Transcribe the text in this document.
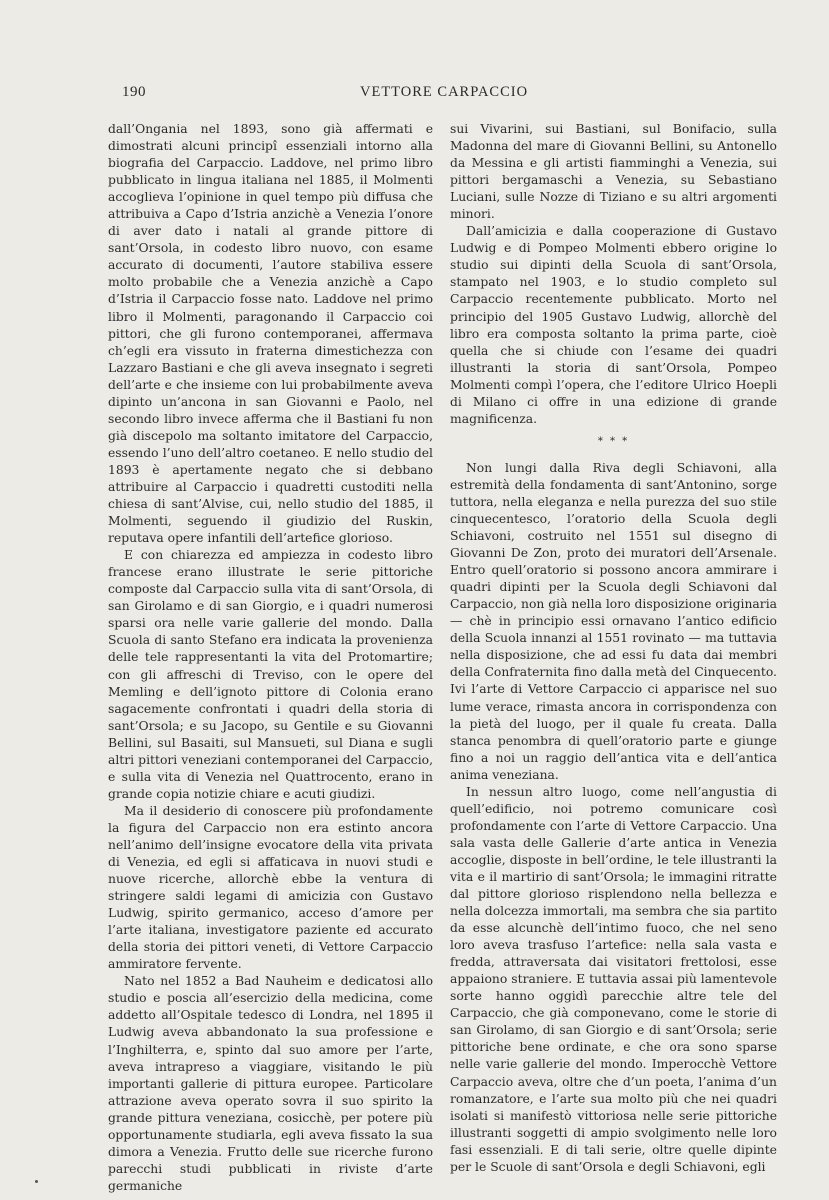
190	VETTORE CARPACCIO

dall’Ongania nel 1893, sono già affermati e dimostrati alcuni principî essenziali intorno alla biografia del Carpaccio. Laddove, nel primo libro pubblicato in lingua italiana nel 1885, il Molmenti accoglieva l’opinione in quel tempo più diffusa che attribuiva a Capo d’Istria anzichè a Venezia l’onore di aver dato i natali al grande pittore di sant’Orsola, in codesto libro nuovo, con esame accurato di documenti, l’autore stabiliva essere molto probabile che a Venezia anzichè a Capo d’Istria il Carpaccio fosse nato. Laddove nel primo libro il Molmenti, paragonando il Carpaccio coi pittori, che gli furono contemporanei, affermava ch’egli era vissuto in fraterna dimestichezza con Lazzaro Bastiani e che gli aveva insegnato i segreti dell’arte e che insieme con lui probabilmente aveva dipinto un’ancona in san Giovanni e Paolo, nel secondo libro invece afferma che il Bastiani fu non già discepolo ma soltanto imitatore del Carpaccio, essendo l’uno dell’altro coetaneo. E nello studio del 1893 è apertamente negato che si debbano attribuire al Carpaccio i quadretti custoditi nella chiesa di sant’Alvise, cui, nello studio del 1885, il Molmenti, seguendo il giudizio del Ruskin, reputava opere infantili dell’artefice glorioso.

E con chiarezza ed ampiezza in codesto libro francese erano illustrate le serie pittoriche composte dal Carpaccio sulla vita di sant’Orsola, di san Girolamo e di san Giorgio, e i quadri numerosi sparsi ora nelle varie gallerie del mondo. Dalla Scuola di santo Stefano era indicata la provenienza delle tele rappresentanti la vita del Protomartire; con gli affreschi di Treviso, con le opere del Memling e dell’ignoto pittore di Colonia erano sagacemente confrontati i quadri della storia di sant’Orsola; e su Jacopo, su Gentile e su Giovanni Bellini, sul Basaiti, sul Mansueti, sul Diana e sugli altri pittori veneziani contemporanei del Carpaccio, e sulla vita di Venezia nel Quattrocento, erano in grande copia notizie chiare e acuti giudizi.

Ma il desiderio di conoscere più profondamente la figura del Carpaccio non era estinto ancora nell’animo dell’insigne evocatore della vita privata di Venezia, ed egli si affaticava in nuovi studi e nuove ricerche, allorchè ebbe la ventura di stringere saldi legami di amicizia con Gustavo Ludwig, spirito germanico, acceso d’amore per l’arte italiana, investigatore paziente ed accurato della storia dei pittori veneti, di Vettore Carpaccio ammiratore fervente.

Nato nel 1852 a Bad Nauheim e dedicatosi allo studio e poscia all’esercizio della medicina, come addetto all’Ospitale tedesco di Londra, nel 1895 il Ludwig aveva abbandonato la sua professione e l’Inghilterra, e, spinto dal suo amore per l’arte, aveva intrapreso a viaggiare, visitando le più importanti gallerie di pittura europee. Particolare attrazione aveva operato sovra il suo spirito la grande pittura veneziana, cosicchè, per potere più opportunamente studiarla, egli aveva fissato la sua dimora a Venezia. Frutto delle sue ricerche furono parecchi studi pubblicati in riviste d’arte germaniche

sui Vivarini, sui Bastiani, sul Bonifacio, sulla Madonna del mare di Giovanni Bellini, su Antonello da Messina e gli artisti fiamminghi a Venezia, sui pittori bergamaschi a Venezia, su Sebastiano Luciani, sulle Nozze di Tiziano e su altri argomenti minori.

Dall’amicizia e dalla cooperazione di Gustavo Ludwig e di Pompeo Molmenti ebbero origine lo studio sui dipinti della Scuola di sant’Orsola, stampato nel 1903, e lo studio completo sul Carpaccio recentemente pubblicato. Morto nel principio del 1905 Gustavo Ludwig, allorchè del libro era composta soltanto la prima parte, cioè quella che si chiude con l’esame dei quadri illustranti la storia di sant’Orsola, Pompeo Molmenti compì l’opera, che l’editore Ulrico Hoepli di Milano ci offre in una edizione di grande magnificenza.

* * *

Non lungi dalla Riva degli Schiavoni, alla estremità della fondamenta di sant’Antonino, sorge tuttora, nella eleganza e nella purezza del suo stile cinquecentesco, l’oratorio della Scuola degli Schiavoni, costruito nel 1551 sul disegno di Giovanni De Zon, proto dei muratori dell’Arsenale. Entro quell’oratorio si possono ancora ammirare i quadri dipinti per la Scuola degli Schiavoni dal Carpaccio, non già nella loro disposizione originaria — chè in principio essi ornavano l’antico edificio della Scuola innanzi al 1551 rovinato — ma tuttavia nella disposizione, che ad essi fu data dai membri della Confraternita fino dalla metà del Cinquecento. Ivi l’arte di Vettore Carpaccio ci apparisce nel suo lume verace, rimasta ancora in corrispondenza con la pietà del luogo, per il quale fu creata. Dalla stanca penombra di quell’oratorio parte e giunge fino a noi un raggio dell’antica vita e dell’antica anima veneziana.

In nessun altro luogo, come nell’angustia di quell’edificio, noi potremo comunicare così profondamente con l’arte di Vettore Carpaccio. Una sala vasta delle Gallerie d’arte antica in Venezia accoglie, disposte in bell’ordine, le tele illustranti la vita e il martirio di sant’Orsola; le immagini ritratte dal pittore glorioso risplendono nella bellezza e nella dolcezza immortali, ma sembra che sia partito da esse alcunchè dell’intimo fuoco, che nel seno loro aveva trasfuso l’artefice: nella sala vasta e fredda, attraversata dai visitatori frettolosi, esse appaiono straniere. E tuttavia assai più lamentevole sorte hanno oggidì parecchie altre tele del Carpaccio, che già componevano, come le storie di san Girolamo, di san Giorgio e di sant’Orsola; serie pittoriche bene ordinate, e che ora sono sparse nelle varie gallerie del mondo. Imperocchè Vettore Carpaccio aveva, oltre che d’un poeta, l’anima d’un romanzatore, e l’arte sua molto più che nei quadri isolati si manifestò vittoriosa nelle serie pittoriche illustranti soggetti di ampio svolgimento nelle loro fasi essenziali. E di tali serie, oltre quelle dipinte per le Scuole di sant’Orsola e degli Schiavoni, egli
